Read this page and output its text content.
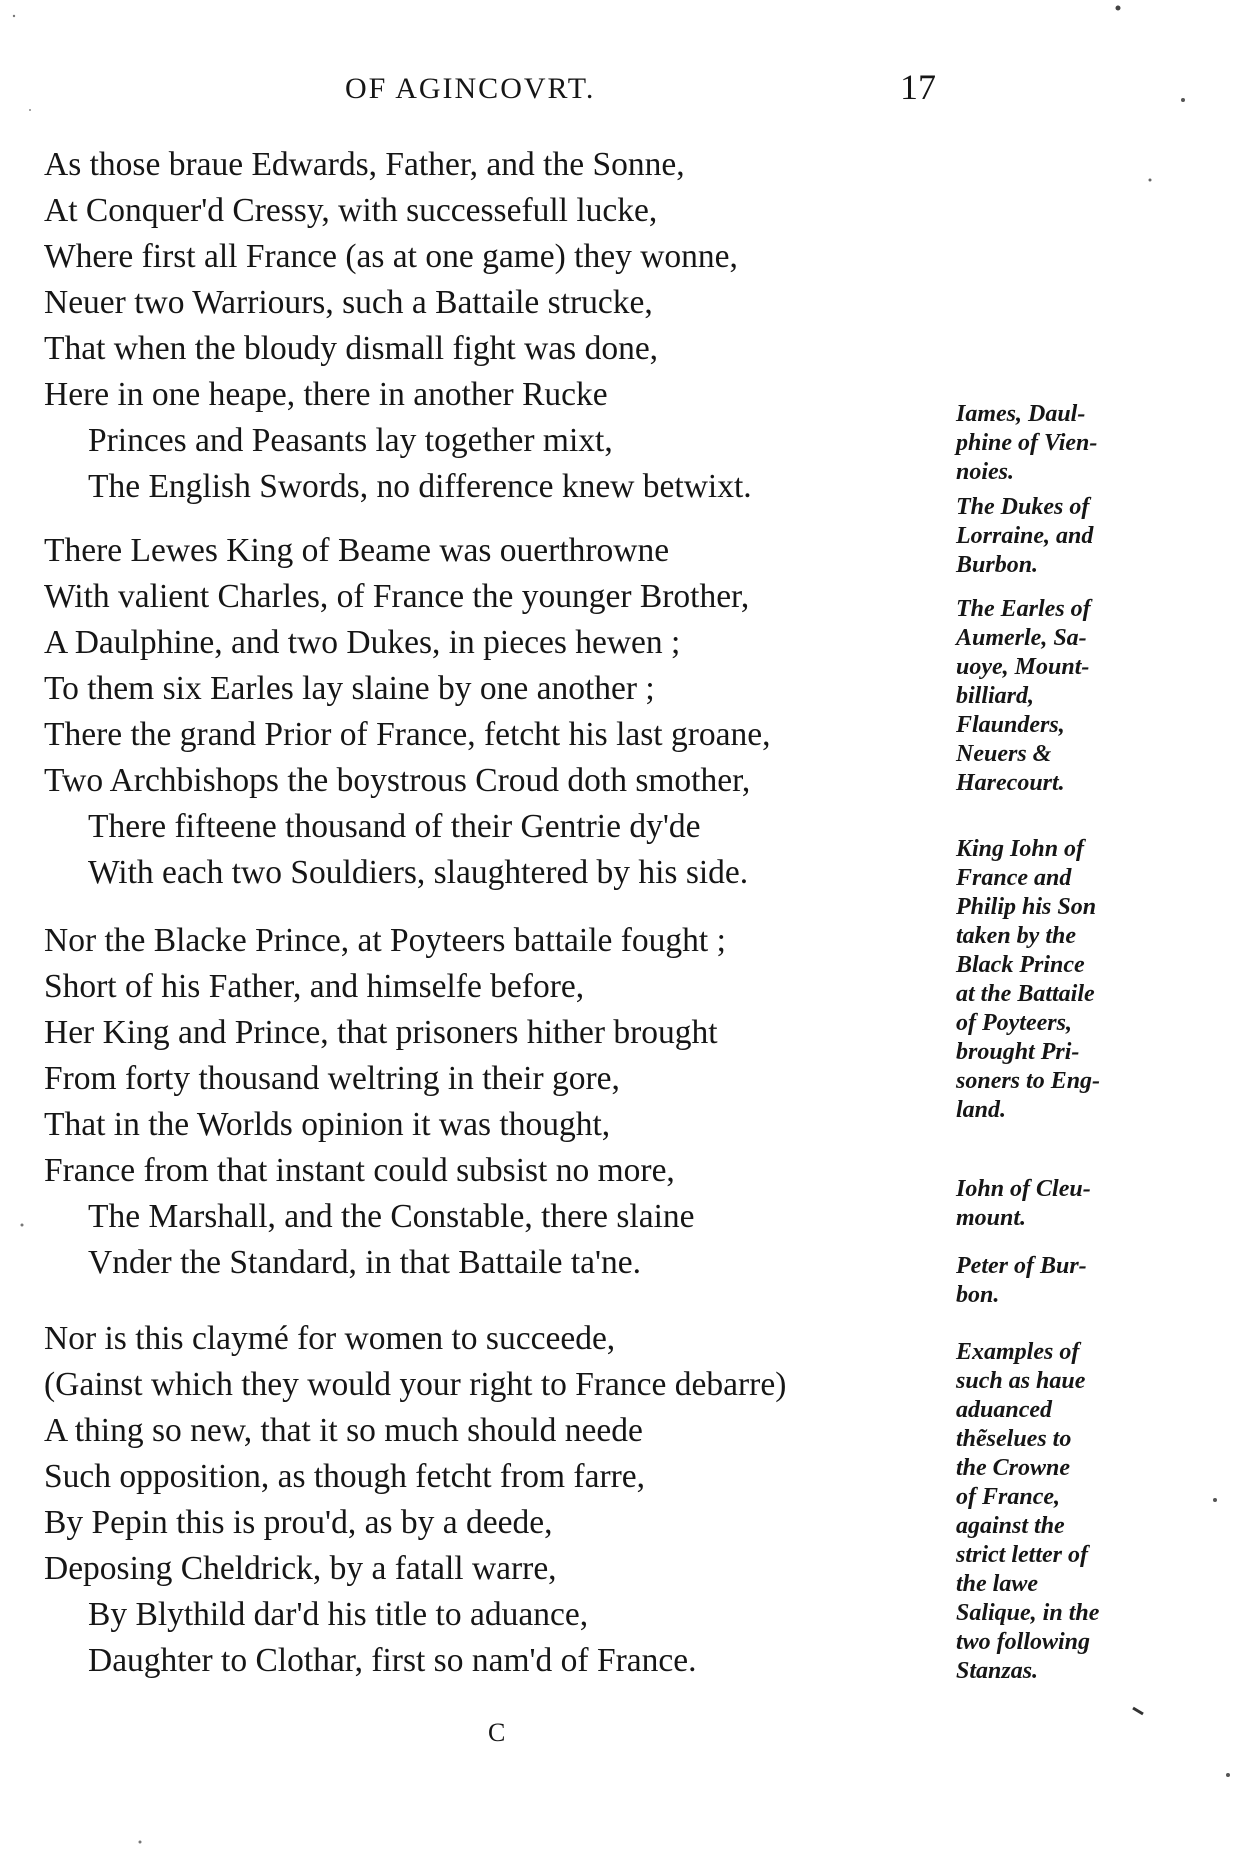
OF AGINCOVRT.	17
As those braue Edwards, Father, and the Sonne,
At Conquer'd Cressy, with successefull lucke,
Where first all France (as at one game) they wonne,
Neuer two Warriours, such a Battaile strucke,
That when the bloudy dismall fight was done,
Here in one heape, there in another Rucke
Princes and Peasants lay together mixt,
The English Swords, no difference knew betwixt.
There Lewes King of Beame was ouerthrowne
With valient Charles, of France the younger Brother,
A Daulphine, and two Dukes, in pieces hewen ;
To them six Earles lay slaine by one another ;
There the grand Prior of France, fetcht his last groane,
Two Archbishops the boystrous Croud doth smother,
There fifteene thousand of their Gentrie dy'de
With each two Souldiers, slaughtered by his side.
Nor the Blacke Prince, at Poyteers battaile fought ;
Short of his Father, and himselfe before,
Her King and Prince, that prisoners hither brought
From forty thousand weltring in their gore,
That in the Worlds opinion it was thought,
France from that instant could subsist no more,
The Marshall, and the Constable, there slaine
Vnder the Standard, in that Battaile ta'ne.
Nor is this claymé for women to succeede,
(Gainst which they would your right to France debarre)
A thing so new, that it so much should neede
Such opposition, as though fetcht from farre,
By Pepin this is prou'd, as by a deede,
Deposing Cheldrick, by a fatall warre,
By Blythild dar'd his title to aduance,
Daughter to Clothar, first so nam'd of France.
Iames, Daul-
phine of Vien-
noies.
The Dukes of
Lorraine, and
Burbon.
The Earles of
Aumerle, Sa-
uoye, Mount-
billiard,
Flaunders,
Neuers &
Harecourt.
King Iohn of
France and
Philip his Son
taken by the
Black Prince
at the Battaile
of Poyteers,
brought Pri-
soners to Eng-
land.
Iohn of Cleu-
mount.
Peter of Bur-
bon.
Examples of
such as haue
aduanced
thẽselues to
the Crowne
of France,
against the
strict letter of
the lawe
Salique, in the
two following
Stanzas.
C
